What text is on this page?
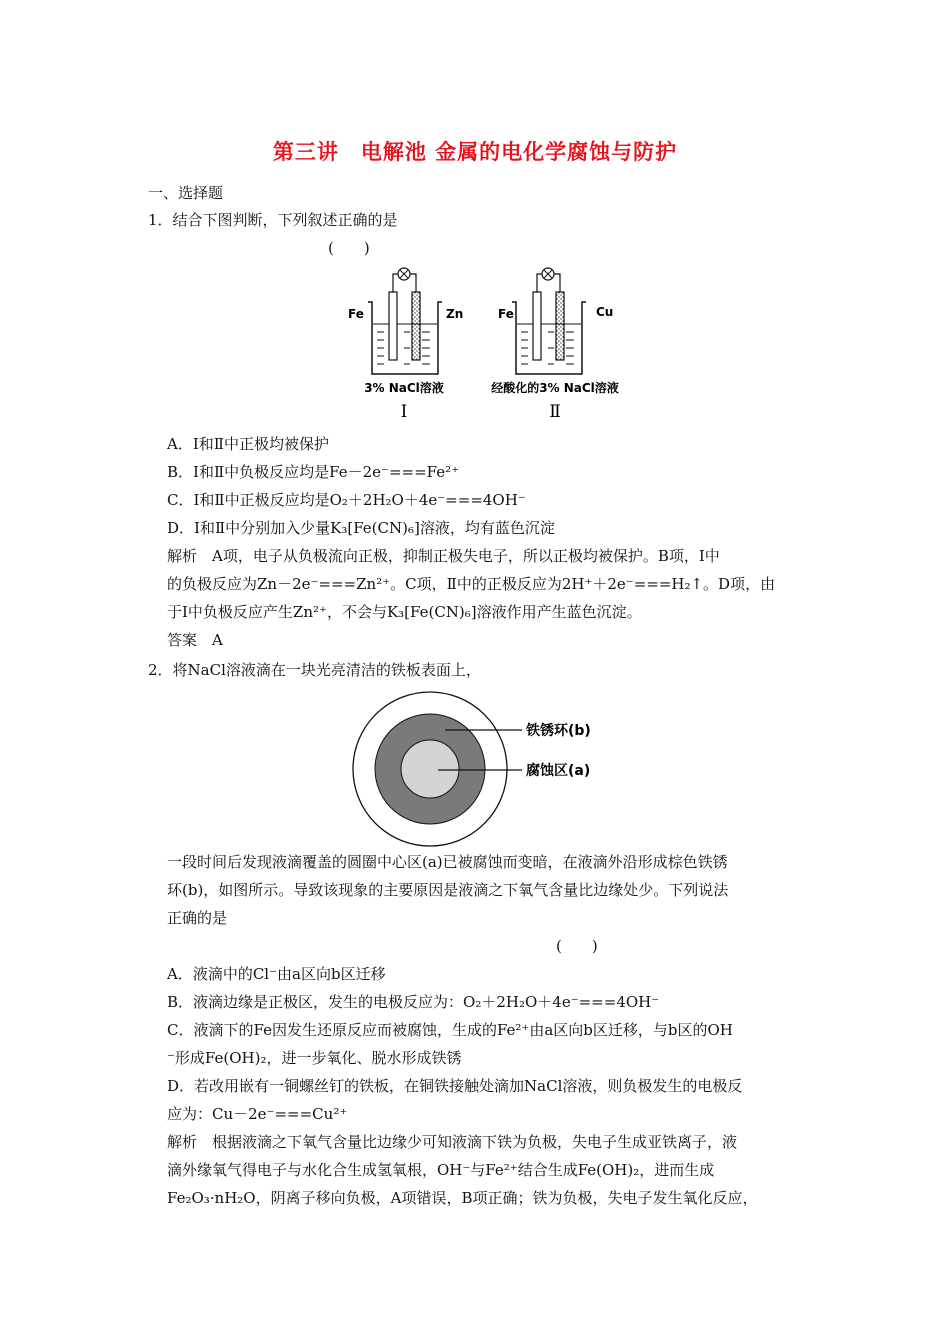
第三讲　电解池 金属的电化学腐蚀与防护
一、选择题
1．结合下图判断，下列叙述正确的是
(　　)
Fe	Zn
3% NaCl溶液
Ⅰ
Fe	Cu
经酸化的3% NaCl溶液
Ⅱ
A．Ⅰ和Ⅱ中正极均被保护
B．Ⅰ和Ⅱ中负极反应均是Fe－2e⁻===Fe²⁺
C．Ⅰ和Ⅱ中正极反应均是O₂＋2H₂O＋4e⁻===4OH⁻
D．Ⅰ和Ⅱ中分别加入少量K₃[Fe(CN)₆]溶液，均有蓝色沉淀
解析　A项，电子从负极流向正极，抑制正极失电子，所以正极均被保护。B项，Ⅰ中
的负极反应为Zn－2e⁻===Zn²⁺。C项，Ⅱ中的正极反应为2H⁺＋2e⁻===H₂↑。D项，由
于Ⅰ中负极反应产生Zn²⁺，不会与K₃[Fe(CN)₆]溶液作用产生蓝色沉淀。
答案　A
2．将NaCl溶液滴在一块光亮清洁的铁板表面上，
铁锈环(b)
腐蚀区(a)
一段时间后发现液滴覆盖的圆圈中心区(a)已被腐蚀而变暗，在液滴外沿形成棕色铁锈
环(b)，如图所示。导致该现象的主要原因是液滴之下氧气含量比边缘处少。下列说法
正确的是
(　　)
A．液滴中的Cl⁻由a区向b区迁移
B．液滴边缘是正极区，发生的电极反应为：O₂＋2H₂O＋4e⁻===4OH⁻
C．液滴下的Fe因发生还原反应而被腐蚀，生成的Fe²⁺由a区向b区迁移，与b区的OH
⁻形成Fe(OH)₂，进一步氧化、脱水形成铁锈
D．若改用嵌有一铜螺丝钉的铁板，在铜铁接触处滴加NaCl溶液，则负极发生的电极反
应为：Cu－2e⁻===Cu²⁺
解析　根据液滴之下氧气含量比边缘少可知液滴下铁为负极，失电子生成亚铁离子，液
滴外缘氧气得电子与水化合生成氢氧根，OH⁻与Fe²⁺结合生成Fe(OH)₂，进而生成
Fe₂O₃·nH₂O，阴离子移向负极，A项错误，B项正确；铁为负极，失电子发生氧化反应，
